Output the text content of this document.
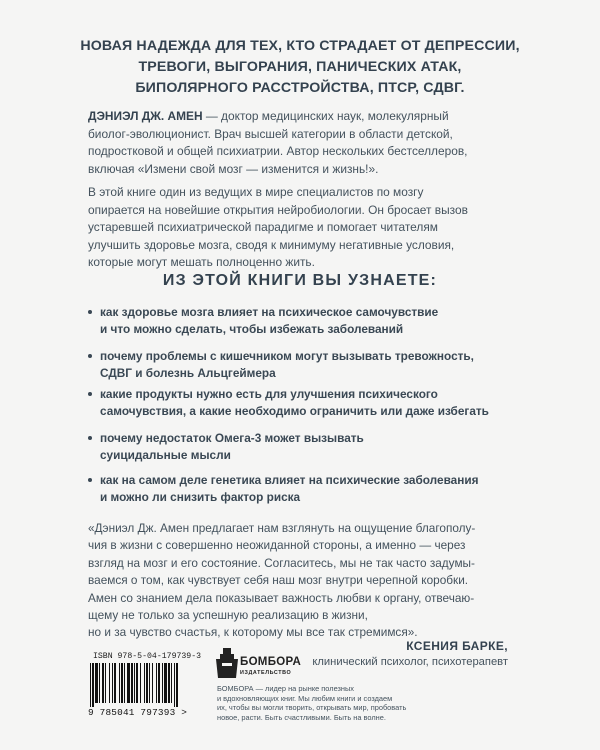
НОВАЯ НАДЕЖДА ДЛЯ ТЕХ, КТО СТРАДАЕТ ОТ ДЕПРЕССИИ,
ТРЕВОГИ, ВЫГОРАНИЯ, ПАНИЧЕСКИХ АТАК,
БИПОЛЯРНОГО РАССТРОЙСТВА, ПТСР, СДВГ.
ДЭНИЭЛ ДЖ. АМЕН — доктор медицинских наук, молекулярный
биолог-эволюционист. Врач высшей категории в области детской,
подростковой и общей психиатрии. Автор нескольких бестселлеров,
включая «Измени свой мозг — изменится и жизнь!».
В этой книге один из ведущих в мире специалистов по мозгу
опирается на новейшие открытия нейробиологии. Он бросает вызов
устаревшей психиатрической парадигме и помогает читателям
улучшить здоровье мозга, сводя к минимуму негативные условия,
которые могут мешать полноценно жить.
ИЗ ЭТОЙ КНИГИ ВЫ УЗНАЕТЕ:
как здоровье мозга влияет на психическое самочувствие
и что можно сделать, чтобы избежать заболеваний
почему проблемы с кишечником могут вызывать тревожность,
СДВГ и болезнь Альцгеймера
какие продукты нужно есть для улучшения психического
самочувствия, а какие необходимо ограничить или даже избегать
почему недостаток Омега-3 может вызывать
суицидальные мысли
как на самом деле генетика влияет на психические заболевания
и можно ли снизить фактор риска
«Дэниэл Дж. Амен предлагает нам взглянуть на ощущение благополу-
чия в жизни с совершенно неожиданной стороны, а именно — через
взгляд на мозг и его состояние. Согласитесь, мы не так часто задумы-
ваемся о том, как чувствует себя наш мозг внутри черепной коробки.
Амен со знанием дела показывает важность любви к органу, отвечаю-
щему не только за успешную реализацию в жизни,
но и за чувство счастья, к которому мы все так стремимся».
КСЕНИЯ БАРКЕ,
клинический психолог, психотерапевт
ISBN 978-5-04-179739-3
9 785041 797393 >
БОМБОРА
ИЗДАТЕЛЬСТВО
БОМБОРА — лидер на рынке полезных
и вдохновляющих книг. Мы любим книги и создаем
их, чтобы вы могли творить, открывать мир, пробовать
новое, расти. Быть счастливыми. Быть на волне.
